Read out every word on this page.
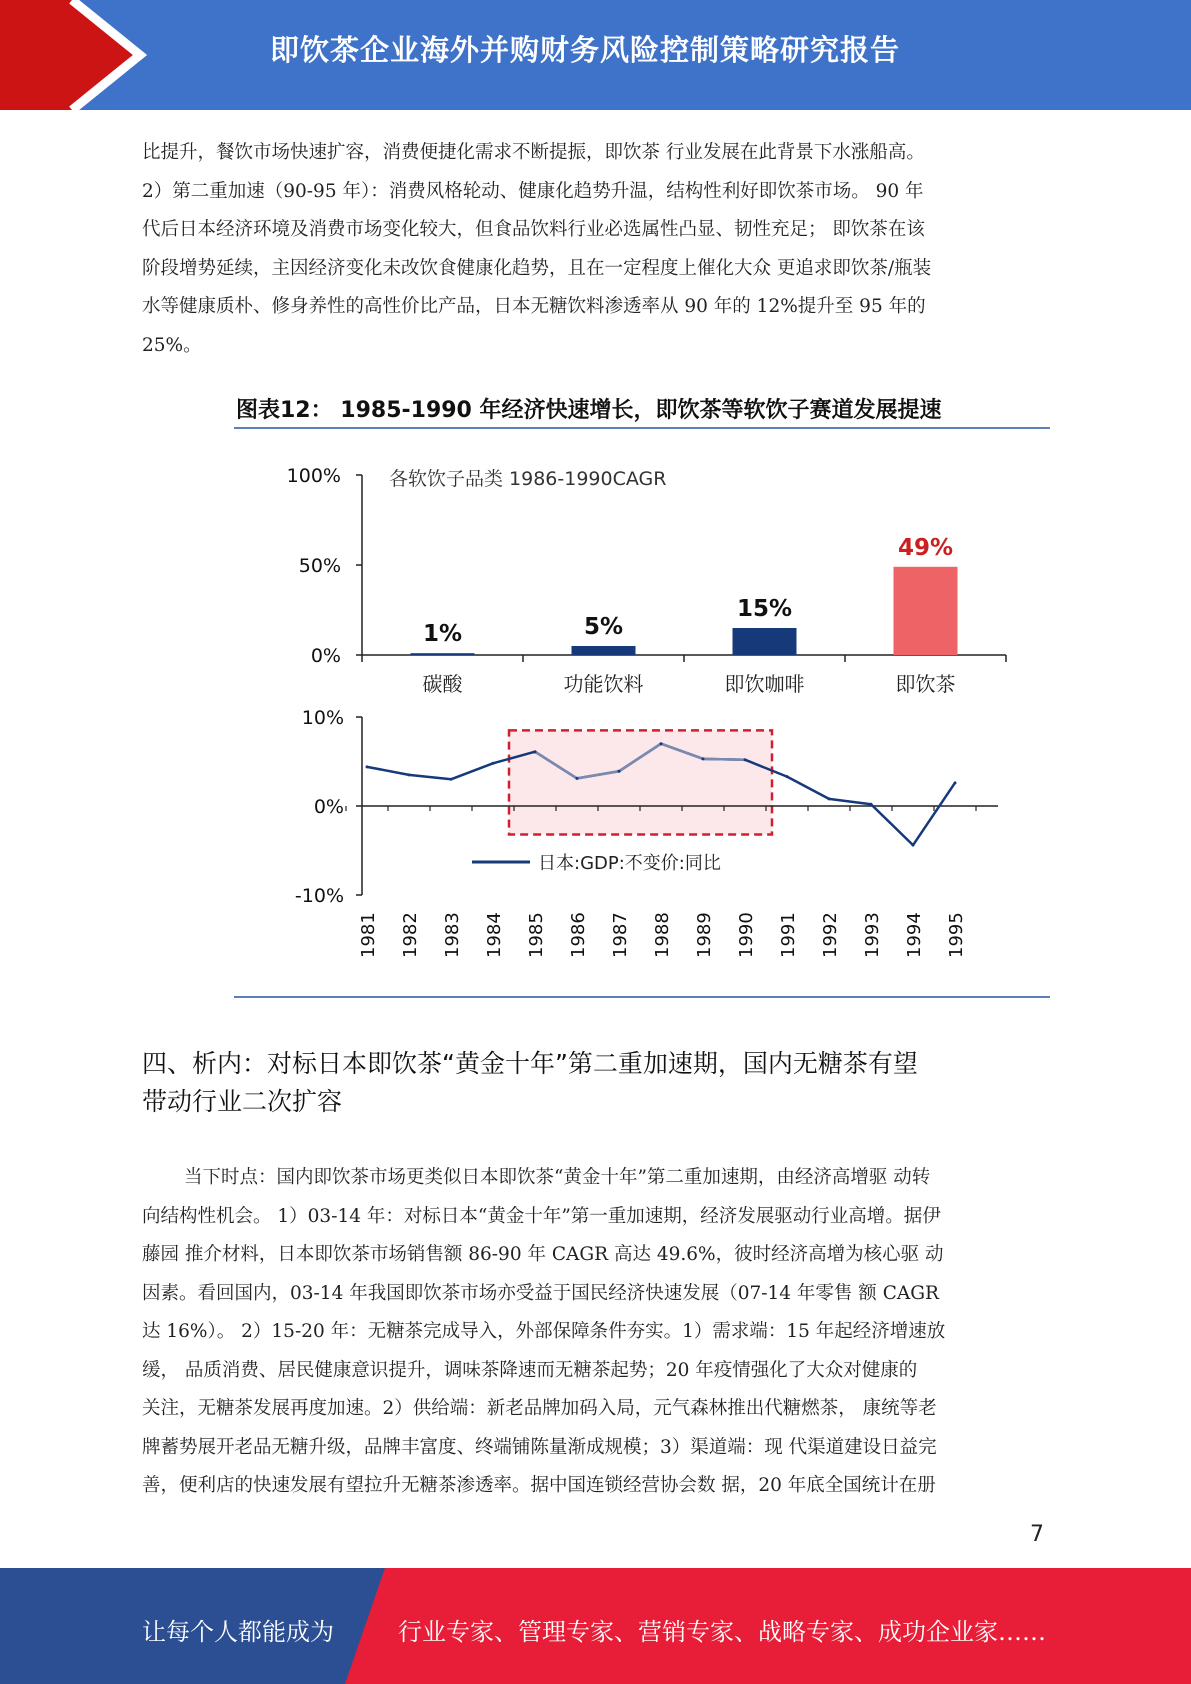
即饮茶企业海外并购财务风险控制策略研究报告

比提升，餐饮市场快速扩容，消费便捷化需求不断提振，即饮茶 行业发展在此背景下水涨船高。

2）第二重加速（90-95 年）：消费风格轮动、健康化趋势升温，结构性利好即饮茶市场。 90 年

代后日本经济环境及消费市场变化较大，但食品饮料行业必选属性凸显、韧性充足； 即饮茶在该

阶段增势延续，主因经济变化未改饮食健康化趋势，且在一定程度上催化大众 更追求即饮茶/瓶装

水等健康质朴、修身养性的高性价比产品，日本无糖饮料渗透率从 90 年的 12%提升至 95 年的

25%。

图表12： 1985-1990 年经济快速增长，即饮茶等软饮子赛道发展提速
各软饮子品类 1986-1990CAGR
100%
50%
0%
1%	5%
15%
49%
碳酸	功能饮料	即饮咖啡	即饮茶
10%
0%
-10%
日本:GDP:不变价:同比
1981 1982 1983 1984 1985 1986 1987 1988 1989 1990 1991 1992 1993 1994 1995
四、析内：对标日本即饮茶“黄金十年”第二重加速期，国内无糖茶有望
带动行业二次扩容

当下时点：国内即饮茶市场更类似日本即饮茶“黄金十年”第二重加速期，由经济高增驱 动转

向结构性机会。 1）03-14 年：对标日本“黄金十年”第一重加速期，经济发展驱动行业高增。据伊

藤园 推介材料，日本即饮茶市场销售额 86-90 年 CAGR 高达 49.6%，彼时经济高增为核心驱 动

因素。看回国内，03-14 年我国即饮茶市场亦受益于国民经济快速发展（07-14 年零售 额 CAGR

达 16%）。 2）15-20 年：无糖茶完成导入，外部保障条件夯实。1）需求端：15 年起经济增速放

缓， 品质消费、居民健康意识提升，调味茶降速而无糖茶起势；20 年疫情强化了大众对健康的

关注，无糖茶发展再度加速。2）供给端：新老品牌加码入局，元气森林推出代糖燃茶， 康统等老

牌蓄势展开老品无糖升级，品牌丰富度、终端铺陈量渐成规模；3）渠道端：现 代渠道建设日益完

善，便利店的快速发展有望拉升无糖茶渗透率。据中国连锁经营协会数 据，20 年底全国统计在册

7
让每个人都能成为	行业专家、管理专家、营销专家、战略专家、成功企业家……
